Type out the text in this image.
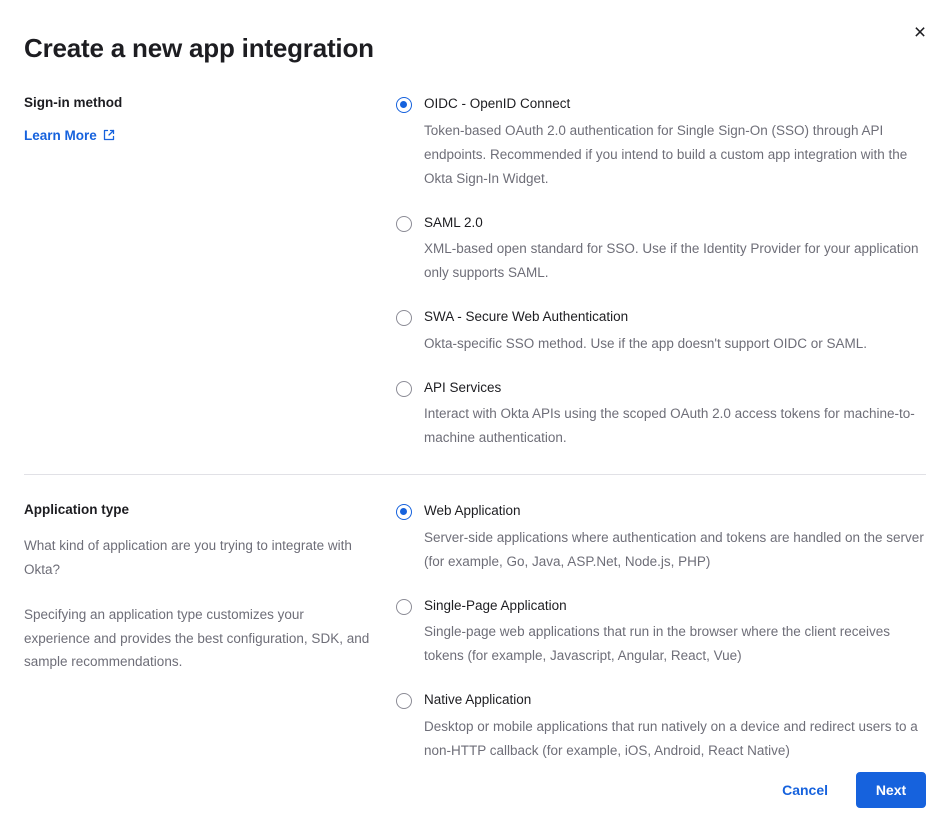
×
Create a new app integration
Sign-in method
Learn More
OIDC - OpenID Connect
Token-based OAuth 2.0 authentication for Single Sign-On (SSO) through API endpoints. Recommended if you intend to build a custom app integration with the Okta Sign-In Widget.
SAML 2.0
XML-based open standard for SSO. Use if the Identity Provider for your application only supports SAML.
SWA - Secure Web Authentication
Okta-specific SSO method. Use if the app doesn't support OIDC or SAML.
API Services
Interact with Okta APIs using the scoped OAuth 2.0 access tokens for machine-to-machine authentication.
Application type

What kind of application are you trying to integrate with Okta?

Specifying an application type customizes your experience and provides the best configuration, SDK, and sample recommendations.

Web Application
Server-side applications where authentication and tokens are handled on the server (for example, Go, Java, ASP.Net, Node.js, PHP)
Single-Page Application
Single-page web applications that run in the browser where the client receives tokens (for example, Javascript, Angular, React, Vue)
Native Application
Desktop or mobile applications that run natively on a device and redirect users to a non-HTTP callback (for example, iOS, Android, React Native)
Cancel	Next
